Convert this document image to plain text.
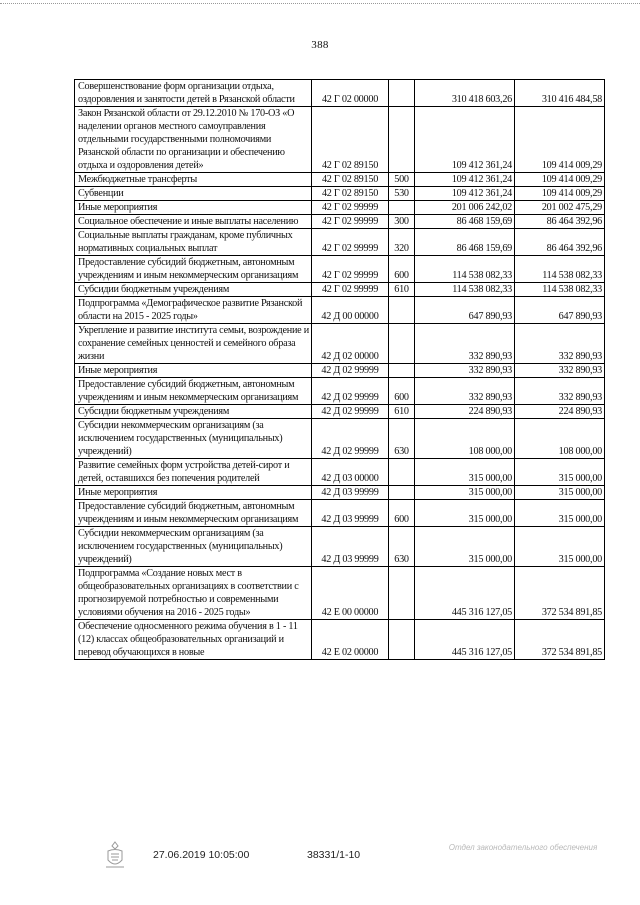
388
Совершенствование форм организации отдыха, оздоровления и занятости детей в Рязанской области	42 Г 02 00000		310 418 603,26	310 416 484,58
Закон Рязанской области от 29.12.2010 № 170-ОЗ «О наделении органов местного самоуправления отдельными государственными полномочиями Рязанской области по организации и обеспечению отдыха и оздоровления детей»	42 Г 02 89150		109 412 361,24	109 414 009,29
Межбюджетные трансферты	42 Г 02 89150	500	109 412 361,24	109 414 009,29
Субвенции	42 Г 02 89150	530	109 412 361,24	109 414 009,29
Иные мероприятия	42 Г 02 99999		201 006 242,02	201 002 475,29
Социальное обеспечение и иные выплаты населению	42 Г 02 99999	300	86 468 159,69	86 464 392,96
Социальные выплаты гражданам, кроме публичных нормативных социальных выплат	42 Г 02 99999	320	86 468 159,69	86 464 392,96
Предоставление субсидий бюджетным, автономным учреждениям и иным некоммерческим организациям	42 Г 02 99999	600	114 538 082,33	114 538 082,33
Субсидии бюджетным учреждениям	42 Г 02 99999	610	114 538 082,33	114 538 082,33
Подпрограмма «Демографическое развитие Рязанской области на 2015 - 2025 годы»	42 Д 00 00000		647 890,93	647 890,93
Укрепление и развитие института семьи, возрождение и сохранение семейных ценностей и семейного образа жизни	42 Д 02 00000		332 890,93	332 890,93
Иные мероприятия	42 Д 02 99999		332 890,93	332 890,93
Предоставление субсидий бюджетным, автономным учреждениям и иным некоммерческим организациям	42 Д 02 99999	600	332 890,93	332 890,93
Субсидии бюджетным учреждениям	42 Д 02 99999	610	224 890,93	224 890,93
Субсидии некоммерческим организациям (за исключением государственных (муниципальных) учреждений)	42 Д 02 99999	630	108 000,00	108 000,00
Развитие семейных форм устройства детей-сирот и детей, оставшихся без попечения родителей	42 Д 03 00000		315 000,00	315 000,00
Иные мероприятия	42 Д 03 99999		315 000,00	315 000,00
Предоставление субсидий бюджетным, автономным учреждениям и иным некоммерческим организациям	42 Д 03 99999	600	315 000,00	315 000,00
Субсидии некоммерческим организациям (за исключением государственных (муниципальных) учреждений)	42 Д 03 99999	630	315 000,00	315 000,00
Подпрограмма «Создание новых мест в общеобразовательных организациях в соответствии с прогнозируемой потребностью и современными условиями обучения на 2016 - 2025 годы»	42 Е 00 00000		445 316 127,05	372 534 891,85
Обеспечение односменного режима обучения в 1 - 11 (12) классах общеобразовательных организаций и перевод обучающихся в новые	42 Е 02 00000		445 316 127,05	372 534 891,85
27.06.2019 10:05:00	38331/1-10
Отдел законодательного обеспечения
